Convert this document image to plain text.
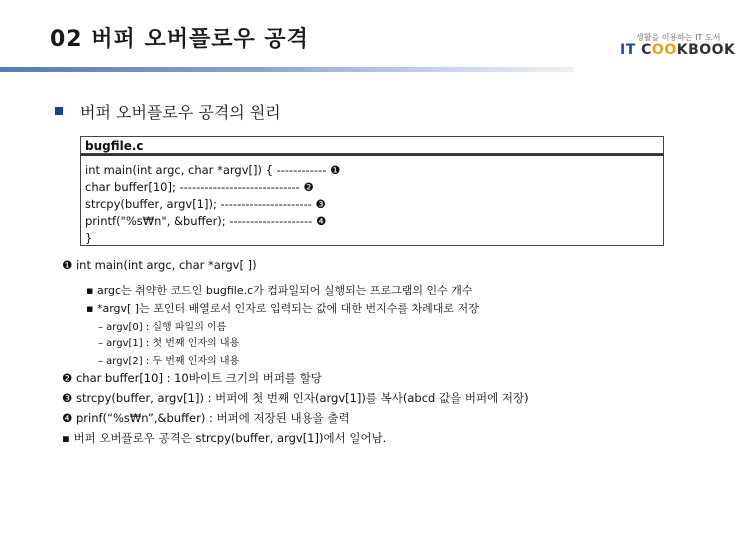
02 버퍼 오버플로우 공격	IT COOKBOOK
생활을 이용하는 IT 도서
버퍼 오버플로우 공격의 원리
bugfile.c
int main(int argc, char *argv[]) { ------------ ❶
char buffer[10]; ----------------------------- ❷
strcpy(buffer, argv[1]); ---------------------- ❸
printf("%s₩n", &buffer); -------------------- ❹
}
❶ int main(int argc, char *argv[ ])
▪ argc는 취약한 코드인 bugfile.c가 컴파일되어 실행되는 프로그램의 인수 개수
▪ *argv[ ]는 포인터 배열로서 인자로 입력되는 값에 대한 번지수를 차례대로 저장
– argv[0] : 실행 파일의 이름
– argv[1] : 첫 번째 인자의 내용
– argv[2] : 두 번째 인자의 내용
❷ char buffer[10] : 10바이트 크기의 버퍼를 할당
❸ strcpy(buffer, argv[1]) : 버퍼에 첫 번째 인자(argv[1])를 복사(abcd 값을 버퍼에 저장)
❹ prinf(“%s₩n”,&buffer) : 버퍼에 저장된 내용을 출력
▪ 버퍼 오버플로우 공격은 strcpy(buffer, argv[1])에서 일어남.
